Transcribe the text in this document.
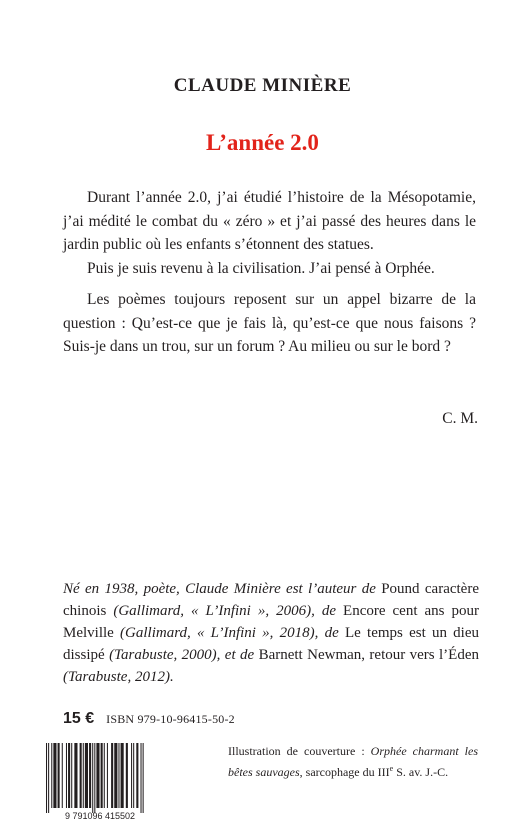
CLAUDE MINIÈRE
L’année 2.0

Durant l’année 2.0, j’ai étudié l’histoire de la Mésopotamie, j’ai médité le combat du « zéro » et j’ai passé des heures dans le jardin public où les enfants s’étonnent des statues.

Puis je suis revenu à la civilisation. J’ai pensé à Orphée.

Les poèmes toujours reposent sur un appel bizarre de la question : Qu’est-ce que je fais là, qu’est-ce que nous faisons ? Suis-je dans un trou, sur un forum ? Au milieu ou sur le bord ?

C. M.
Né en 1938, poète, Claude Minière est l’auteur de Pound caractère chinois (Gallimard, « L’Infini », 2006), de Encore cent ans pour Melville (Gallimard, « L’Infini », 2018), de Le temps est un dieu dissipé (Tarabuste, 2000), et de Barnett Newman, retour vers l’Éden (Tarabuste, 2012).
15 € ISBN 979-10-96415-50-2
9 791096 415502
Illustration de couverture : Orphée charmant les bêtes sauvages, sarcophage du IIIe S. av. J.-C.
